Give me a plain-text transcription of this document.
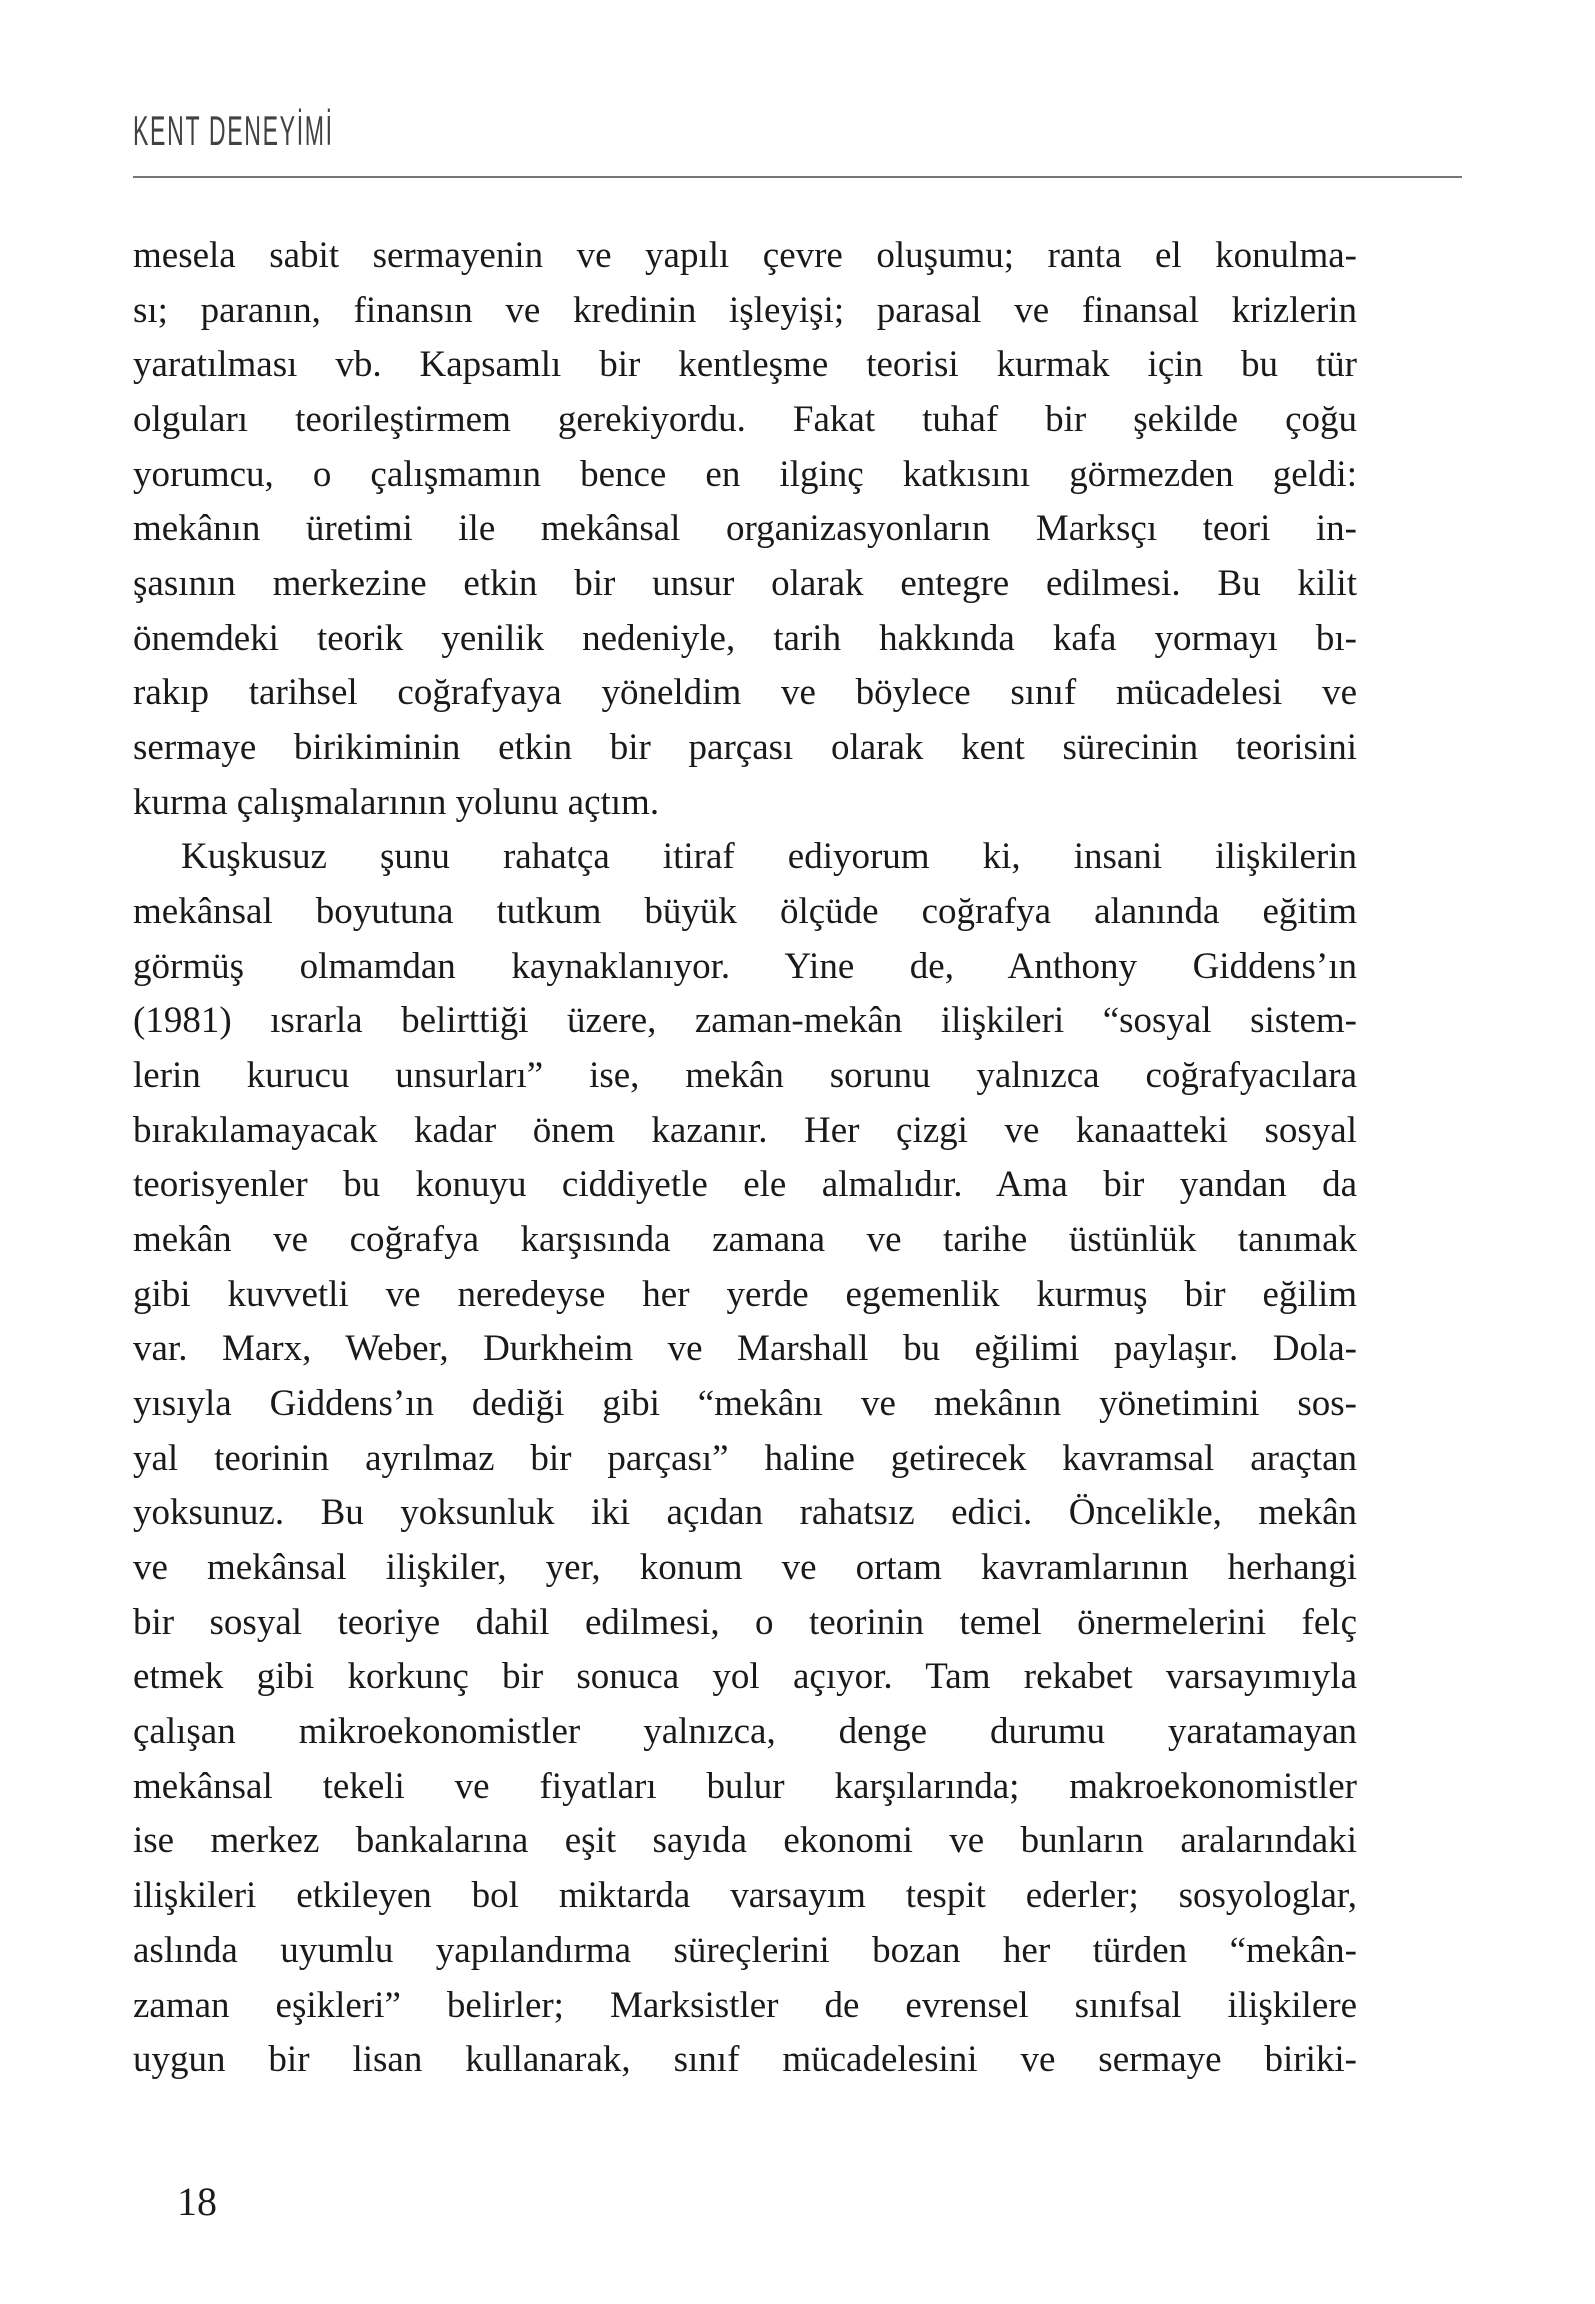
KENT DENEYİMİ
mesela sabit sermayenin ve yapılı çevre oluşumu; ranta el konulma-
sı; paranın, finansın ve kredinin işleyişi; parasal ve finansal krizlerin
yaratılması vb. Kapsamlı bir kentleşme teorisi kurmak için bu tür
olguları teorileştirmem gerekiyordu. Fakat tuhaf bir şekilde çoğu
yorumcu, o çalışmamın bence en ilginç katkısını görmezden geldi:
mekânın üretimi ile mekânsal organizasyonların Marksçı teori in-
şasının merkezine etkin bir unsur olarak entegre edilmesi. Bu kilit
önemdeki teorik yenilik nedeniyle, tarih hakkında kafa yormayı bı-
rakıp tarihsel coğrafyaya yöneldim ve böylece sınıf mücadelesi ve
sermaye birikiminin etkin bir parçası olarak kent sürecinin teorisini
kurma çalışmalarının yolunu açtım.
Kuşkusuz şunu rahatça itiraf ediyorum ki, insani ilişkilerin
mekânsal boyutuna tutkum büyük ölçüde coğrafya alanında eğitim
görmüş olmamdan kaynaklanıyor. Yine de, Anthony Giddens’ın
(1981) ısrarla belirttiği üzere, zaman-mekân ilişkileri “sosyal sistem-
lerin kurucu unsurları” ise, mekân sorunu yalnızca coğrafyacılara
bırakılamayacak kadar önem kazanır. Her çizgi ve kanaatteki sosyal
teorisyenler bu konuyu ciddiyetle ele almalıdır. Ama bir yandan da
mekân ve coğrafya karşısında zamana ve tarihe üstünlük tanımak
gibi kuvvetli ve neredeyse her yerde egemenlik kurmuş bir eğilim
var. Marx, Weber, Durkheim ve Marshall bu eğilimi paylaşır. Dola-
yısıyla Giddens’ın dediği gibi “mekânı ve mekânın yönetimini sos-
yal teorinin ayrılmaz bir parçası” haline getirecek kavramsal araçtan
yoksunuz. Bu yoksunluk iki açıdan rahatsız edici. Öncelikle, mekân
ve mekânsal ilişkiler, yer, konum ve ortam kavramlarının herhangi
bir sosyal teoriye dahil edilmesi, o teorinin temel önermelerini felç
etmek gibi korkunç bir sonuca yol açıyor. Tam rekabet varsayımıyla
çalışan mikroekonomistler yalnızca, denge durumu yaratamayan
mekânsal tekeli ve fiyatları bulur karşılarında; makroekonomistler
ise merkez bankalarına eşit sayıda ekonomi ve bunların aralarındaki
ilişkileri etkileyen bol miktarda varsayım tespit ederler; sosyologlar,
aslında uyumlu yapılandırma süreçlerini bozan her türden “mekân-
zaman eşikleri” belirler; Marksistler de evrensel sınıfsal ilişkilere
uygun bir lisan kullanarak, sınıf mücadelesini ve sermaye biriki-
18
